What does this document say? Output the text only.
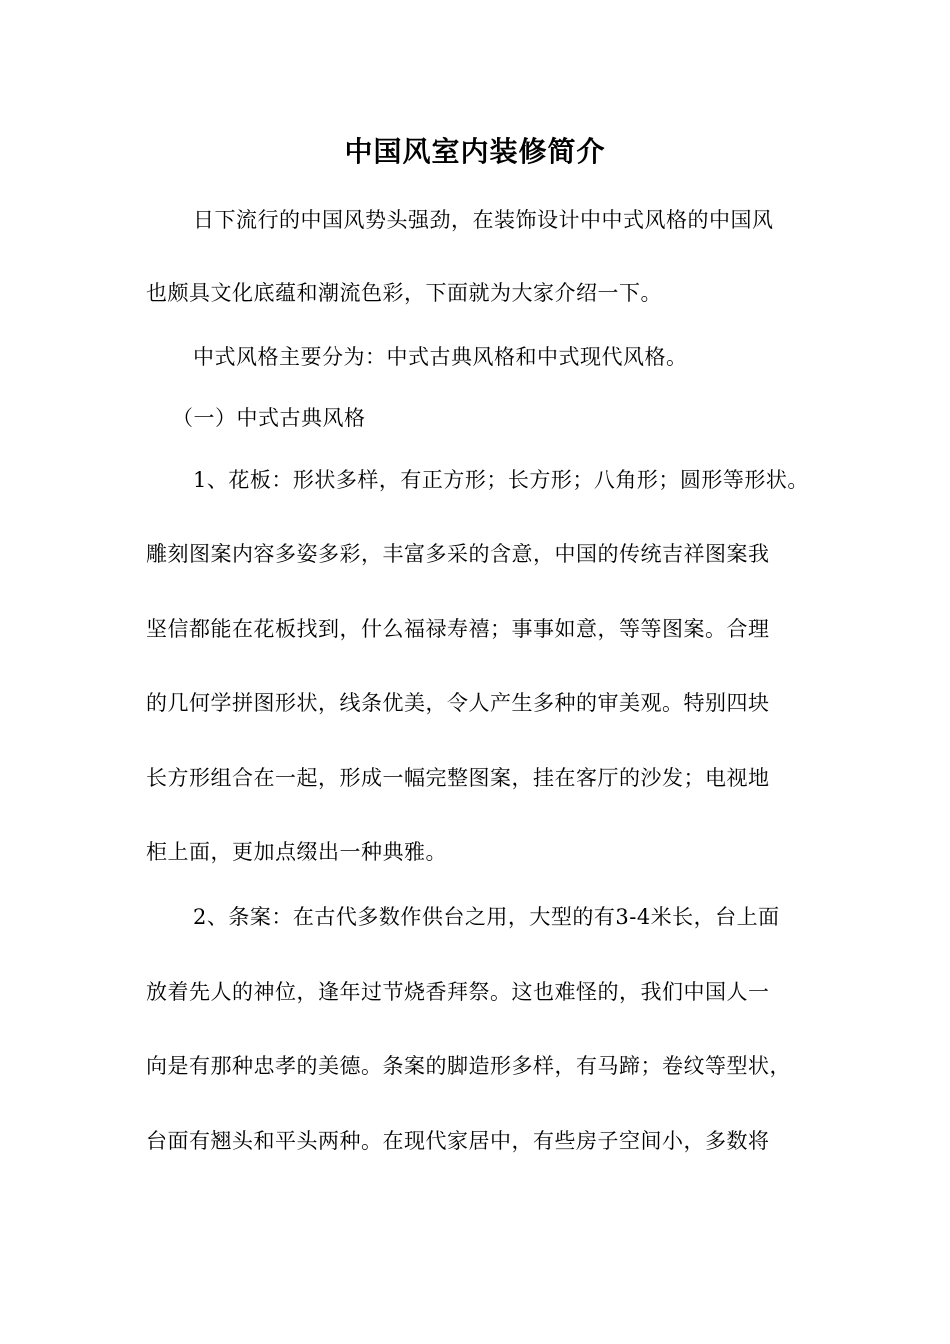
中国风室内装修简介
日下流行的中国风势头强劲，在装饰设计中中式风格的中国风
也颇具文化底蕴和潮流色彩，下面就为大家介绍一下。
中式风格主要分为：中式古典风格和中式现代风格。
（一）中式古典风格
1、花板：形状多样，有正方形；长方形；八角形；圆形等形状。
雕刻图案内容多姿多彩，丰富多采的含意，中国的传统吉祥图案我
坚信都能在花板找到，什么福禄寿禧；事事如意，等等图案。合理
的几何学拼图形状，线条优美，令人产生多种的审美观。特别四块
长方形组合在一起，形成一幅完整图案，挂在客厅的沙发；电视地
柜上面，更加点缀出一种典雅。
2、条案：在古代多数作供台之用，大型的有3-4米长，台上面
放着先人的神位，逢年过节烧香拜祭。这也难怪的，我们中国人一
向是有那种忠孝的美德。条案的脚造形多样，有马蹄；卷纹等型状，
台面有翘头和平头两种。在现代家居中，有些房子空间小，多数将
